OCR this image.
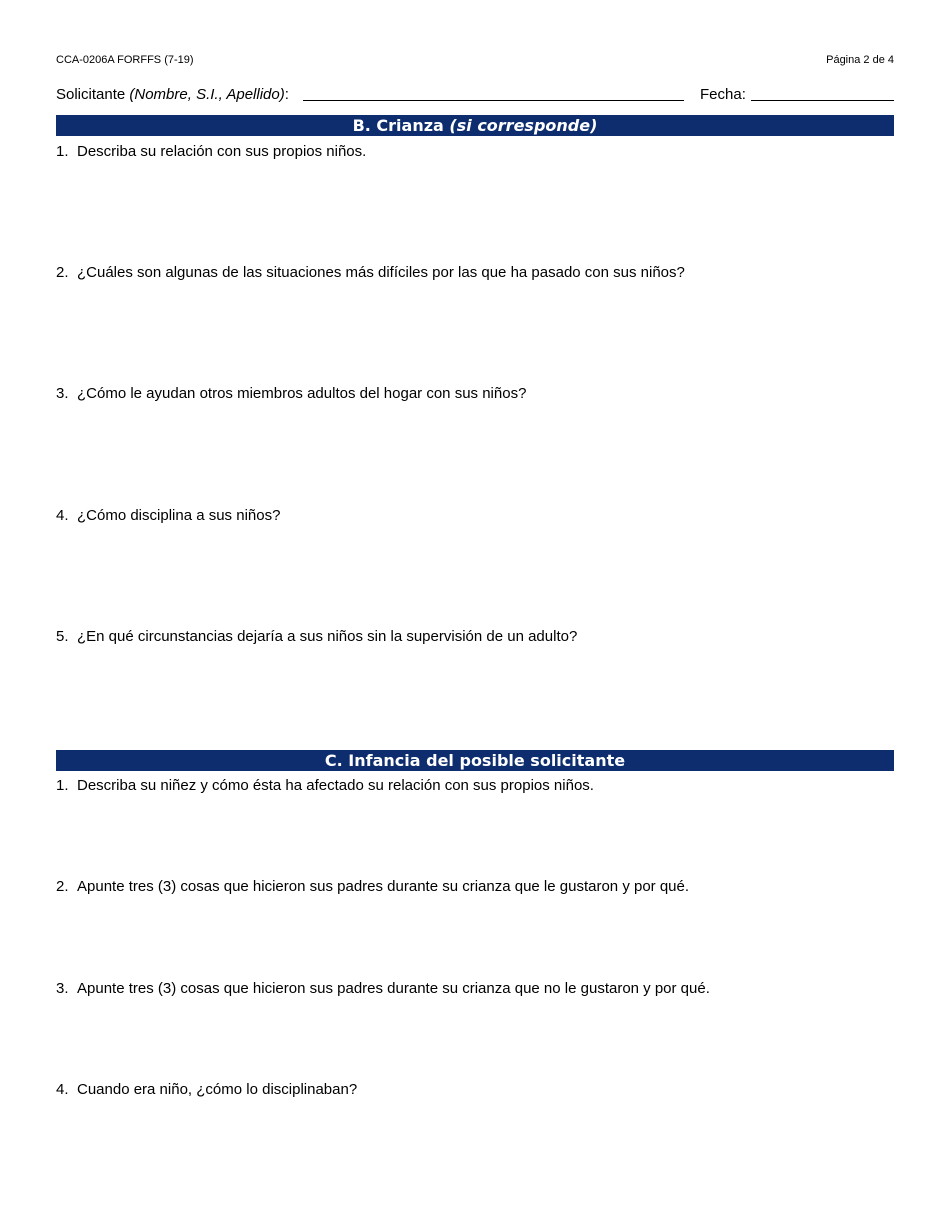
CCA-0206A FORFFS (7-19)	Página 2 de 4
Solicitante (Nombre, S.I., Apellido):	Fecha:
B. Crianza (si corresponde)
1. Describa su relación con sus propios niños.
2. ¿Cuáles son algunas de las situaciones más difíciles por las que ha pasado con sus niños?
3. ¿Cómo le ayudan otros miembros adultos del hogar con sus niños?
4. ¿Cómo disciplina a sus niños?
5. ¿En qué circunstancias dejaría a sus niños sin la supervisión de un adulto?
C. Infancia del posible solicitante
1. Describa su niñez y cómo ésta ha afectado su relación con sus propios niños.
2. Apunte tres (3) cosas que hicieron sus padres durante su crianza que le gustaron y por qué.
3. Apunte tres (3) cosas que hicieron sus padres durante su crianza que no le gustaron y por qué.
4. Cuando era niño, ¿cómo lo disciplinaban?
